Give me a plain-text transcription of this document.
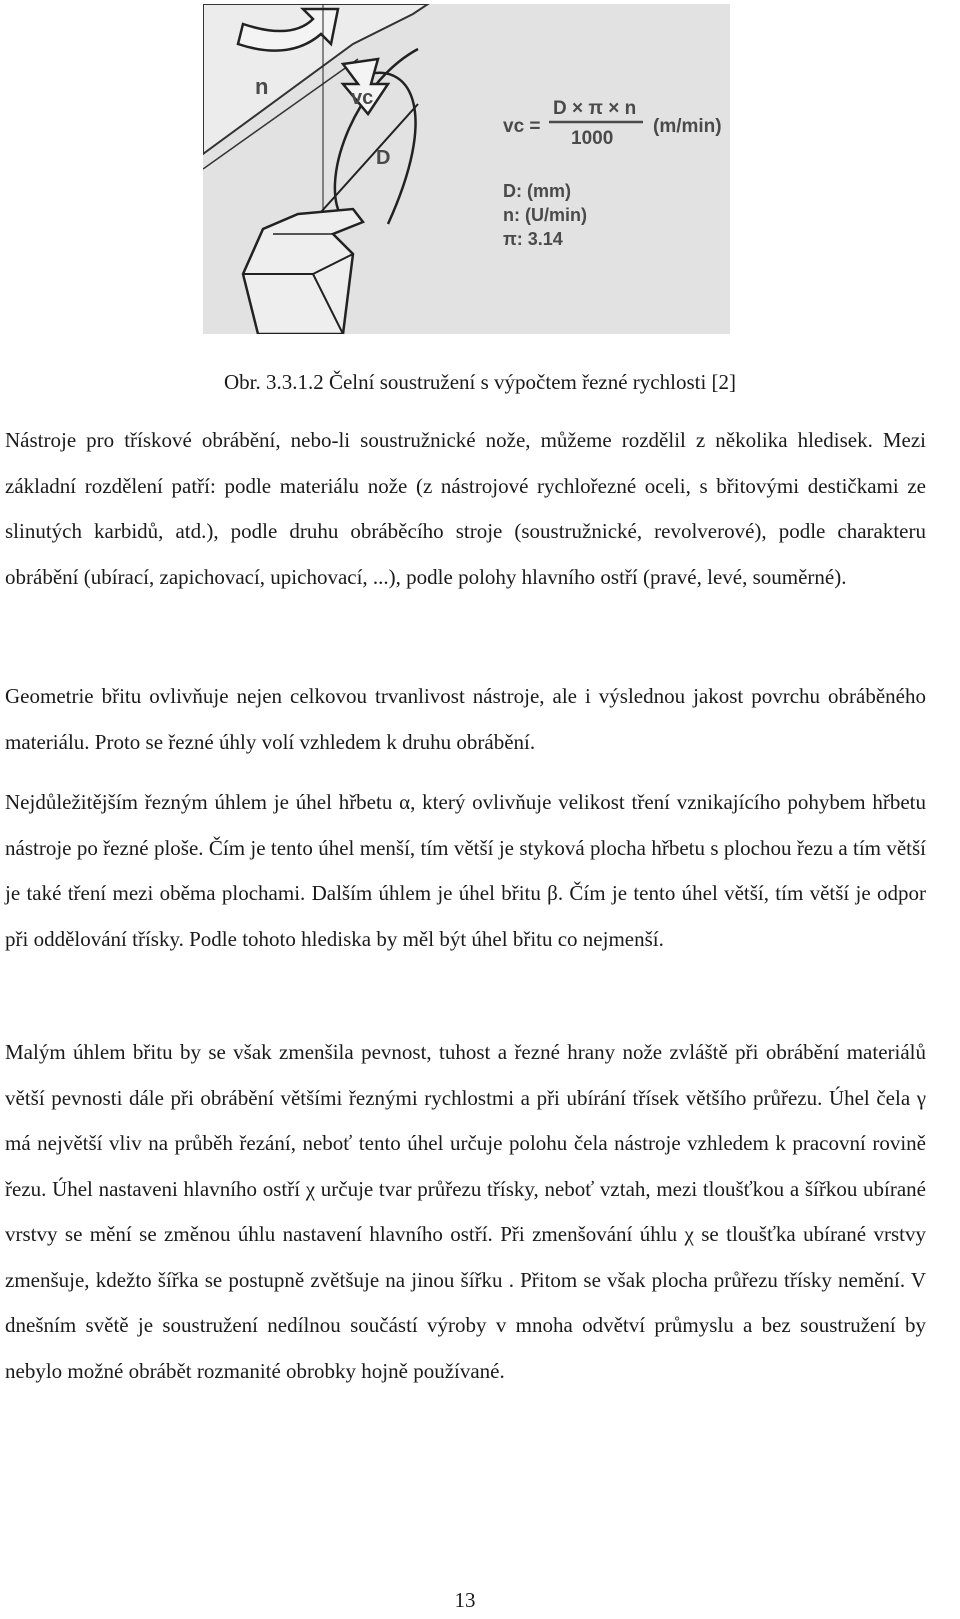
n	vc
D
vc =
D × π × n
1000
(m/min)
D: (mm)
n: (U/min)
π: 3.14
Obr. 3.3.1.2 Čelní soustružení s výpočtem řezné rychlosti [2]

Nástroje pro třískové obrábění, nebo-li soustružnické nože, můžeme rozdělil z několika hledisek. Mezi základní rozdělení patří: podle materiálu nože (z nástrojové rychlořezné oceli, s břitovými destičkami ze slinutých karbidů, atd.), podle druhu obráběcího stroje (soustružnické, revolverové), podle charakteru obrábění (ubírací, zapichovací, upichovací, ...), podle polohy hlavního ostří (pravé, levé, souměrné).

Geometrie břitu ovlivňuje nejen celkovou trvanlivost nástroje, ale i výslednou jakost povrchu obráběného materiálu. Proto se řezné úhly volí vzhledem k druhu obrábění.

Nejdůležitějším řezným úhlem je úhel hřbetu α, který ovlivňuje velikost tření vznikajícího pohybem hřbetu nástroje po řezné ploše. Čím je tento úhel menší, tím větší je styková plocha hřbetu s plochou řezu a tím větší je také tření mezi oběma plochami. Dalším úhlem je úhel břitu β. Čím je tento úhel větší, tím větší je odpor při oddělování třísky. Podle tohoto hlediska by měl být úhel břitu co nejmenší.

Malým úhlem břitu by se však zmenšila pevnost, tuhost a řezné hrany nože zvláště při obrábění materiálů větší pevnosti dále při obrábění většími řeznými rychlostmi a při ubírání třísek většího průřezu. Úhel čela γ má největší vliv na průběh řezání, neboť tento úhel určuje polohu čela nástroje vzhledem k pracovní rovině řezu. Úhel nastaveni hlavního ostří χ určuje tvar průřezu třísky, neboť vztah, mezi tloušťkou a šířkou ubírané vrstvy se mění se změnou úhlu nastavení hlavního ostří. Při zmenšování úhlu χ se tloušťka ubírané vrstvy zmenšuje, kdežto šířka se postupně zvětšuje na jinou šířku . Přitom se však plocha průřezu třísky nemění. V dnešním světě je soustružení nedílnou součástí výroby v mnoha odvětví průmyslu a bez soustružení by nebylo možné obrábět rozmanité obrobky hojně používané.

13
